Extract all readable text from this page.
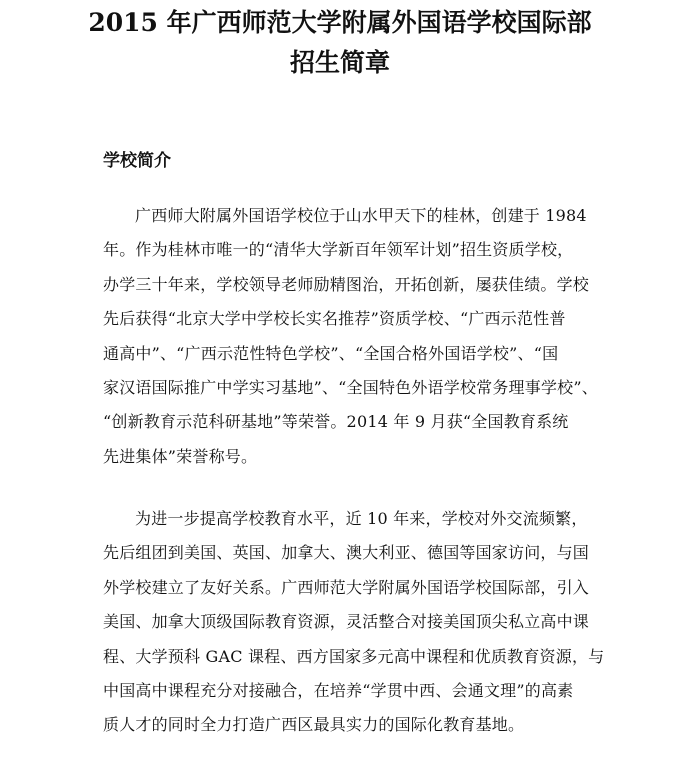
2015 年广西师范大学附属外国语学校国际部
招生简章
学校简介

广西师大附属外国语学校位于山水甲天下的桂林，创建于 1984
年。作为桂林市唯一的“清华大学新百年领军计划”招生资质学校，
办学三十年来，学校领导老师励精图治，开拓创新，屡获佳绩。学校
先后获得“北京大学中学校长实名推荐”资质学校、“广西示范性普
通高中”、“广西示范性特色学校”、“全国合格外国语学校”、“国
家汉语国际推广中学实习基地”、“全国特色外语学校常务理事学校”、
“创新教育示范科研基地”等荣誉。2014 年 9 月获“全国教育系统
先进集体”荣誉称号。

为进一步提高学校教育水平，近 10 年来，学校对外交流频繁，
先后组团到美国、英国、加拿大、澳大利亚、德国等国家访问，与国
外学校建立了友好关系。广西师范大学附属外国语学校国际部，引入
美国、加拿大顶级国际教育资源，灵活整合对接美国顶尖私立高中课
程、大学预科 GAC 课程、西方国家多元高中课程和优质教育资源，与
中国高中课程充分对接融合，在培养“学贯中西、会通文理”的高素
质人才的同时全力打造广西区最具实力的国际化教育基地。
